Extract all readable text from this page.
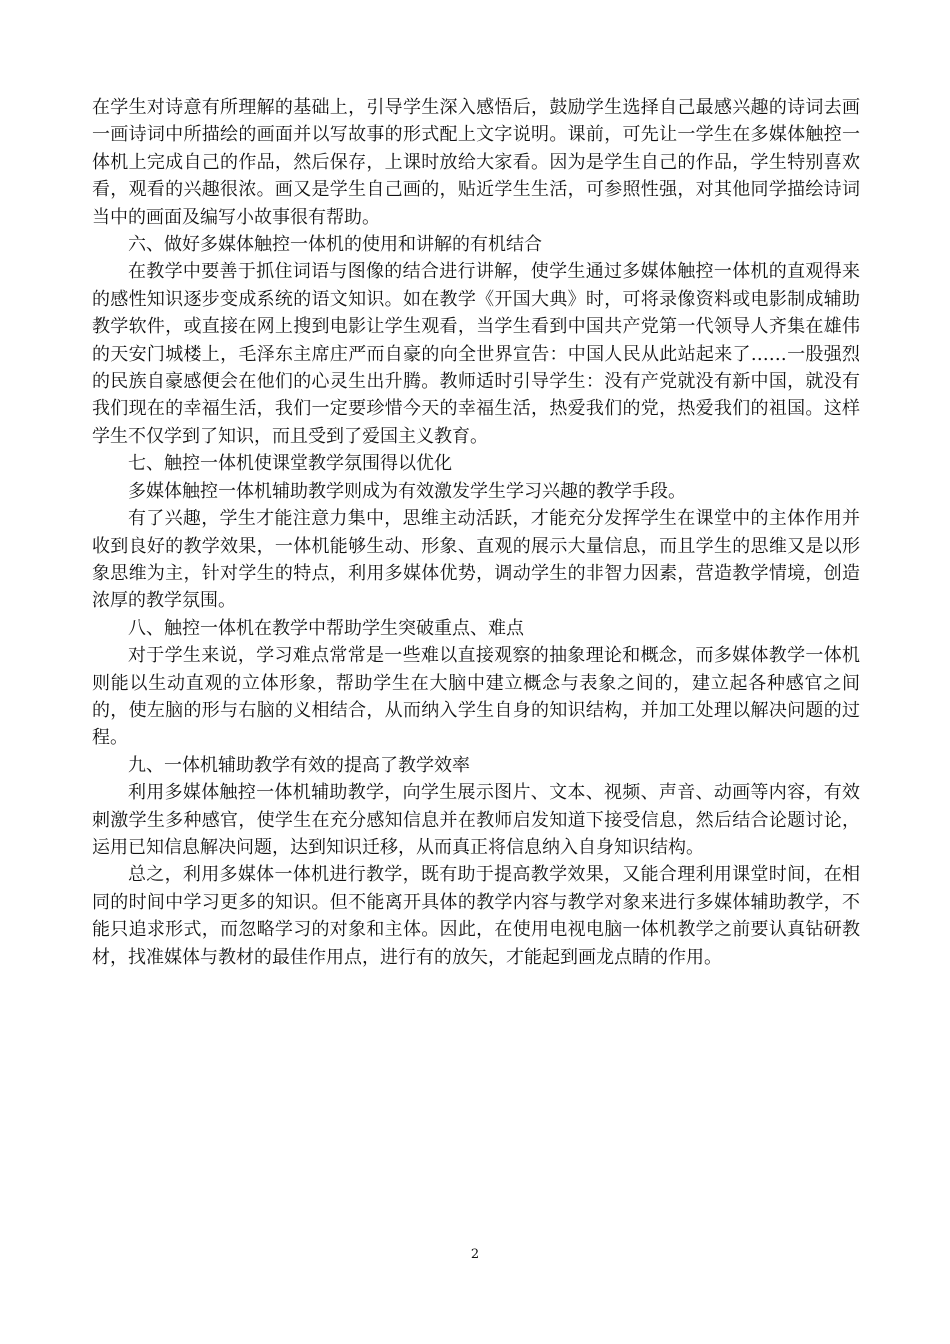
在学生对诗意有所理解的基础上，引导学生深入感悟后，鼓励学生选择自己最感兴趣的诗词去画一画诗词中所描绘的画面并以写故事的形式配上文字说明。课前，可先让一学生在多媒体触控一体机上完成自己的作品，然后保存，上课时放给大家看。因为是学生自己的作品，学生特别喜欢看，观看的兴趣很浓。画又是学生自己画的，贴近学生生活，可参照性强，对其他同学描绘诗词当中的画面及编写小故事很有帮助。

六、做好多媒体触控一体机的使用和讲解的有机结合

在教学中要善于抓住词语与图像的结合进行讲解，使学生通过多媒体触控一体机的直观得来的感性知识逐步变成系统的语文知识。如在教学《开国大典》时，可将录像资料或电影制成辅助教学软件，或直接在网上搜到电影让学生观看，当学生看到中国共产党第一代领导人齐集在雄伟的天安门城楼上，毛泽东主席庄严而自豪的向全世界宣告：中国人民从此站起来了……一股强烈的民族自豪感便会在他们的心灵生出升腾。教师适时引导学生：没有产党就没有新中国，就没有我们现在的幸福生活，我们一定要珍惜今天的幸福生活，热爱我们的党，热爱我们的祖国。这样学生不仅学到了知识，而且受到了爱国主义教育。

七、触控一体机使课堂教学氛围得以优化

多媒体触控一体机辅助教学则成为有效激发学生学习兴趣的教学手段。

有了兴趣，学生才能注意力集中，思维主动活跃，才能充分发挥学生在课堂中的主体作用并收到良好的教学效果，一体机能够生动、形象、直观的展示大量信息，而且学生的思维又是以形象思维为主，针对学生的特点，利用多媒体优势，调动学生的非智力因素，营造教学情境，创造浓厚的教学氛围。

八、触控一体机在教学中帮助学生突破重点、难点

对于学生来说，学习难点常常是一些难以直接观察的抽象理论和概念，而多媒体教学一体机则能以生动直观的立体形象，帮助学生在大脑中建立概念与表象之间的，建立起各种感官之间的，使左脑的形与右脑的义相结合，从而纳入学生自身的知识结构，并加工处理以解决问题的过程。

九、一体机辅助教学有效的提高了教学效率

利用多媒体触控一体机辅助教学，向学生展示图片、文本、视频、声音、动画等内容，有效刺激学生多种感官，使学生在充分感知信息并在教师启发知道下接受信息，然后结合论题讨论，运用已知信息解决问题，达到知识迁移，从而真正将信息纳入自身知识结构。

总之，利用多媒体一体机进行教学，既有助于提高教学效果，又能合理利用课堂时间，在相同的时间中学习更多的知识。但不能离开具体的教学内容与教学对象来进行多媒体辅助教学，不能只追求形式，而忽略学习的对象和主体。因此，在使用电视电脑一体机教学之前要认真钻研教材，找准媒体与教材的最佳作用点，进行有的放矢，才能起到画龙点睛的作用。

2
